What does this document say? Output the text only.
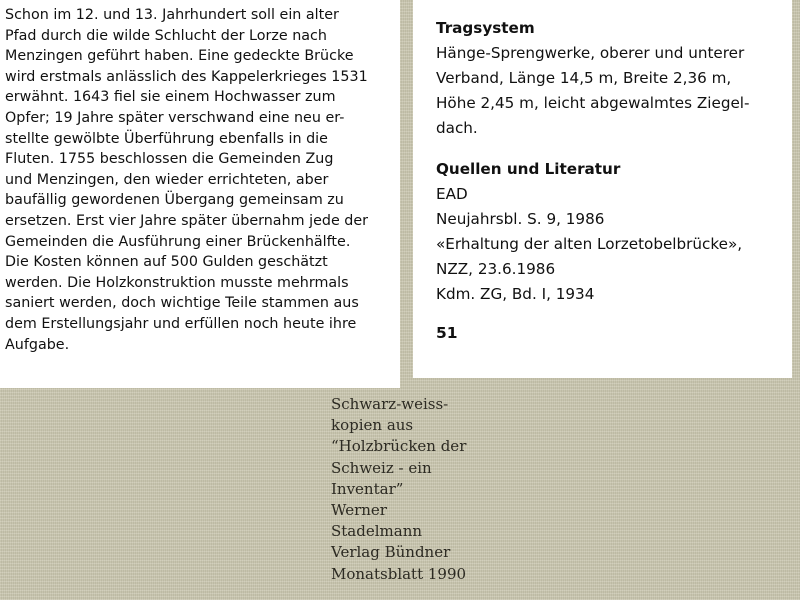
Schon im 12. und 13. Jahrhundert soll ein alter
Pfad durch die wilde Schlucht der Lorze nach
Menzingen geführt haben. Eine gedeckte Brücke
wird erstmals anlässlich des Kappelerkrieges 1531
erwähnt. 1643 fiel sie einem Hochwasser zum
Opfer; 19 Jahre später verschwand eine neu er-
stellte gewölbte Überführung ebenfalls in die
Fluten. 1755 beschlossen die Gemeinden Zug
und Menzingen, den wieder errichteten, aber
baufällig gewordenen Übergang gemeinsam zu
ersetzen. Erst vier Jahre später übernahm jede der
Gemeinden die Ausführung einer Brückenhälfte.
Die Kosten können auf 500 Gulden geschätzt
werden. Die Holzkonstruktion musste mehrmals
saniert werden, doch wichtige Teile stammen aus
dem Erstellungsjahr und erfüllen noch heute ihre
Aufgabe.
Tragsystem
Hänge-Sprengwerke, oberer und unterer
Verband, Länge 14,5 m, Breite 2,36 m,
Höhe 2,45 m, leicht abgewalmtes Ziegel-
dach.
Quellen und Literatur
EAD
Neujahrsbl. S. 9, 1986
«Erhaltung der alten Lorzetobelbrücke»,
NZZ, 23.6.1986
Kdm. ZG, Bd. I, 1934
51
Schwarz-weiss-
kopien aus
“Holzbrücken der
Schweiz - ein
Inventar”
Werner
Stadelmann
Verlag Bündner
Monatsblatt 1990
